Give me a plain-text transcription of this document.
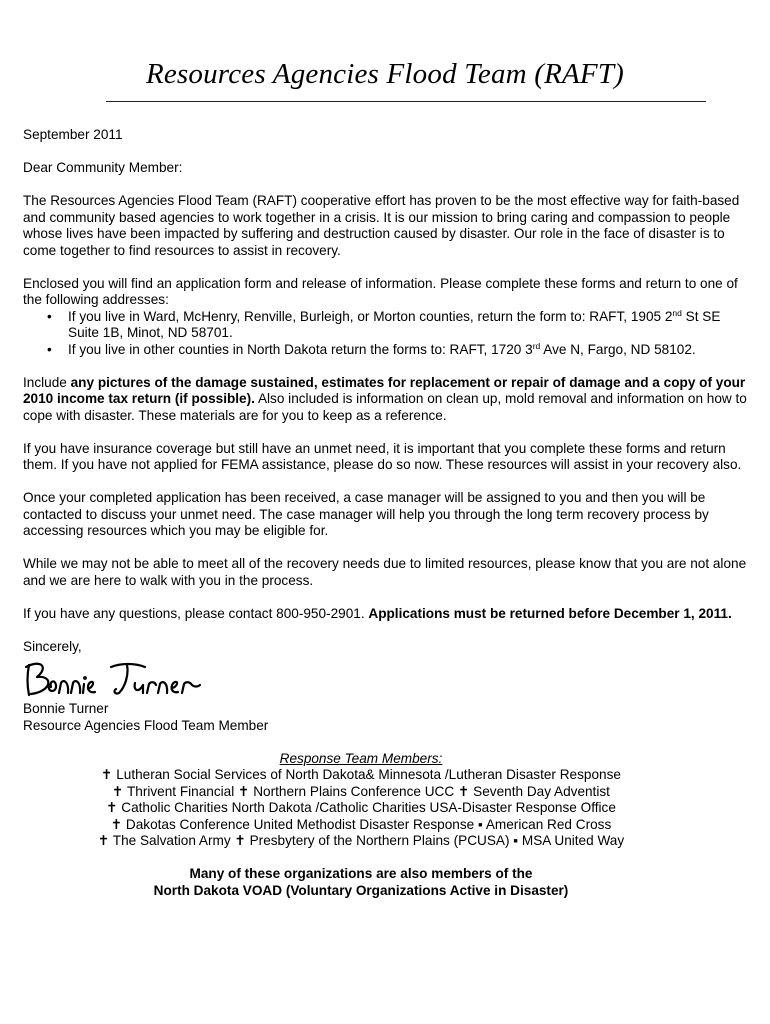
Resources Agencies Flood Team (RAFT)

September 2011

Dear Community Member:

The Resources Agencies Flood Team (RAFT) cooperative effort has proven to be the most effective way for faith-based and community based agencies to work together in a crisis. It is our mission to bring caring and compassion to people whose lives have been impacted by suffering and destruction caused by disaster. Our role in the face of disaster is to come together to find resources to assist in recovery.

Enclosed you will find an application form and release of information. Please complete these forms and return to one of the following addresses:

• If you live in Ward, McHenry, Renville, Burleigh, or Morton counties, return the form to: RAFT, 1905 2nd St SE Suite 1B, Minot, ND 58701.
• If you live in other counties in North Dakota return the forms to: RAFT, 1720 3rd Ave N, Fargo, ND 58102.

Include any pictures of the damage sustained, estimates for replacement or repair of damage and a copy of your 2010 income tax return (if possible). Also included is information on clean up, mold removal and information on how to cope with disaster. These materials are for you to keep as a reference.

If you have insurance coverage but still have an unmet need, it is important that you complete these forms and return them. If you have not applied for FEMA assistance, please do so now. These resources will assist in your recovery also.

Once your completed application has been received, a case manager will be assigned to you and then you will be contacted to discuss your unmet need. The case manager will help you through the long term recovery process by accessing resources which you may be eligible for.

While we may not be able to meet all of the recovery needs due to limited resources, please know that you are not alone and we are here to walk with you in the process.

If you have any questions, please contact 800-950-2901. Applications must be returned before December 1, 2011.

Sincerely,

Bonnie Turner

Resource Agencies Flood Team Member

Response Team Members:

✝ Lutheran Social Services of North Dakota& Minnesota /Lutheran Disaster Response

✝ Thrivent Financial ✝ Northern Plains Conference UCC ✝ Seventh Day Adventist

✝ Catholic Charities North Dakota /Catholic Charities USA-Disaster Response Office

✝ Dakotas Conference United Methodist Disaster Response ▪ American Red Cross

✝ The Salvation Army ✝ Presbytery of the Northern Plains (PCUSA) ▪ MSA United Way

Many of these organizations are also members of the

North Dakota VOAD (Voluntary Organizations Active in Disaster)
